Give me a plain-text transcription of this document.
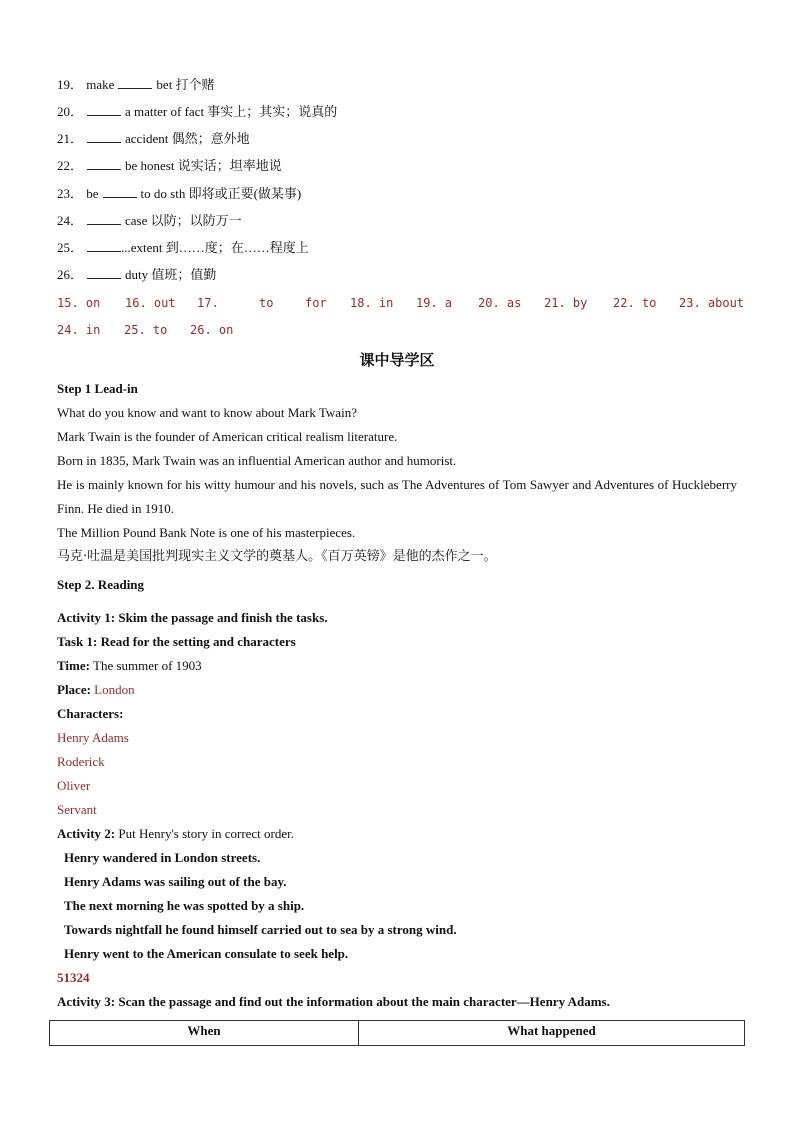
19． make	bet 打个赌
20．	a matter of fact 事实上；其实；说真的
21．	accident 偶然；意外地
22．	be honest 说实话；坦率地说
23． be	to do sth 即将或正要(做某事)
24．	case 以防；以防万一
25．	...extent 到……度；在……程度上
26．	duty 值班；值勤
15. on 16. out 17.	to	for 18. in 19. a 20. as 21. by 22. to 23. about
24. in 25. to 26. on
课中导学区
Step 1 Lead-in
What do you know and want to know about Mark Twain?
Mark Twain is the founder of American critical realism literature.
Born in 1835, Mark Twain was an influential American author and humorist.
He is mainly known for his witty humour and his novels, such as The Adventures of Tom Sawyer and Adventures of Huckleberry Finn. He died in 1910.
The Million Pound Bank Note is one of his masterpieces.
马克·吐温是美国批判现实主义文学的奠基人。《百万英镑》是他的杰作之一。
Step 2. Reading
Activity 1: Skim the passage and finish the tasks.
Task 1: Read for the setting and characters
Time: The summer of 1903
Place: London
Characters:
Henry Adams
Roderick
Oliver
Servant
Activity 2: Put Henry's story in correct order.
Henry wandered in London streets.
Henry Adams was sailing out of the bay.
The next morning he was spotted by a ship.
Towards nightfall he found himself carried out to sea by a strong wind.
Henry went to the American consulate to seek help.
51324
Activity 3: Scan the passage and find out the information about the main character—Henry Adams.
When	What happened
